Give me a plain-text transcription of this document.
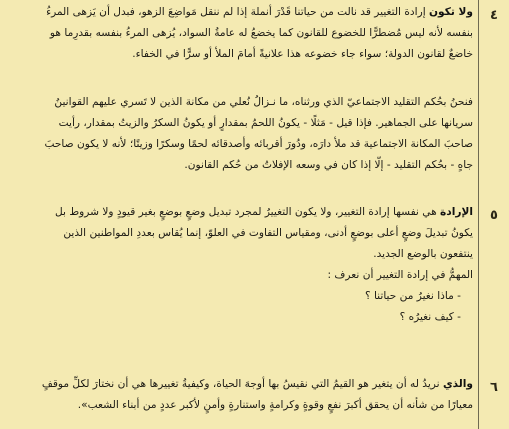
٤
ولا تكون إرادة التغيير قد نالت من حياتنا قَدْرَ أنملة إذا لم ننقل مَواضِعَ الزهو، فبدل أن يَزهى المرءُ
بنفسه لأنه ليس مُضطرًّا للخضوع للقانون كما يخضعُ له عامةُ السواد، يُزهى المرءُ بنفسه بقدرِما هو
خاضعٌ لقانون الدولة؛ سواء جاء خضوعه هذا علانيةً أمامَ الملأ أو سرًّا في الخفاء.
فنحنُ بحُكم التقليد الاجتماعيّ الذي ورثناه، ما نـزالُ نُعلي من مكانة الذين لا تَسري عليهم القوانينُ
سريانها على الجماهير. فإذا قيل - مَثلًا - يكونُ اللحمُ بمقدارٍ أو يكونُ السكرُ والزيتُ بمقدار، رأيت
صاحبَ المكانة الاجتماعية قد ملأ دارَه، ودُورَ أقربائه وأصدقائه لحمًا وسكرًا وزيتًا؛ لأنه لا يكون صاحبَ
جاهٍ - بحُكم التقليد - إلّا إذا كان في وسعه الإفلاتُ من حُكم القانون.
٥
الإرادة هي نفسها إرادة التغيير، ولا يكون التغييرُ لمجرد تبديل وضعٍ بوضعٍ بغير قيودٍ ولا شروط بل
يكونُ تبديلَ وضعٍ أعلى بوضعٍ أدنى، ومقياس التفاوت في العلوّ، إنما يُقاس بعددِ المواطنين الذين
ينتفعون بالوضع الجديد.
المهمُّ في إرادة التغيير أن نعرف :
- ماذا نغيرُ من حياتنا ؟
- كيف نغيرُه ؟
٦
والذي نريدُ له أن يتغير هو القيمُ التي نقيسُ بها أوجهَ الحياة، وكيفيةُ تغييرها هي أن نختارَ لكلِّ موقفٍ
معيارًا من شأنه أن يحقق أكبرَ نفعٍ وقوةٍ وكرامةٍ واستنارةٍ وأمنٍ لأكبر عددٍ من أبناء الشعب».
